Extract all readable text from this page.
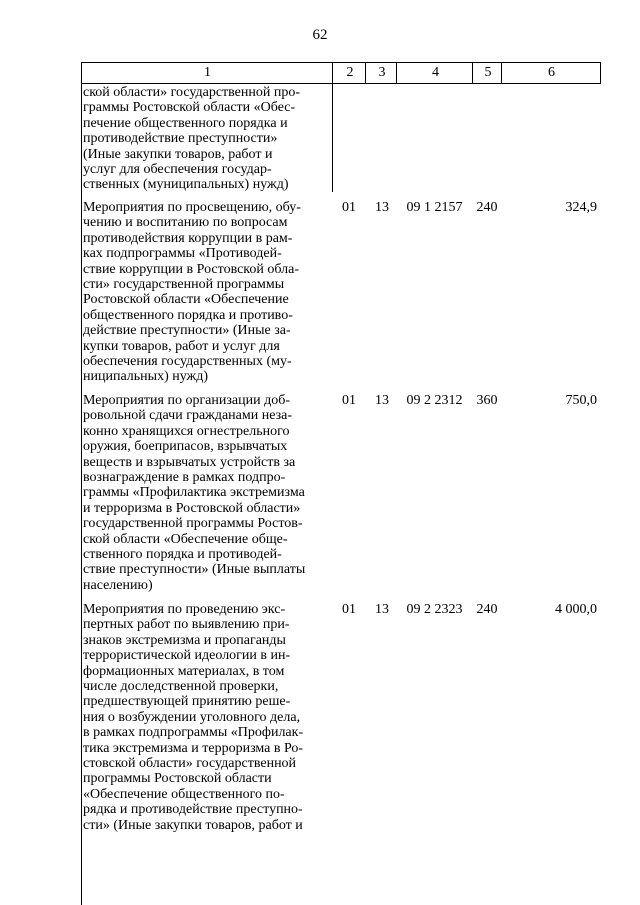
62
1	2	3	4	5	6
ской области» государственной про-
граммы Ростовской области «Обес-
печение общественного порядка и
противодействие преступности»
(Иные закупки товаров, работ и
услуг для обеспечения государ-
ственных (муниципальных) нужд)
Мероприятия по просвещению, обу-
чению и воспитанию по вопросам
противодействия коррупции в рам-
ках подпрограммы «Противодей-
ствие коррупции в Ростовской обла-
сти» государственной программы
Ростовской области «Обеспечение
общественного порядка и противо-
действие преступности» (Иные за-
купки товаров, работ и услуг для
обеспечения государственных (му-
ниципальных) нужд)
01	13	09 1 2157	240	324,9
Мероприятия по организации доб-
ровольной сдачи гражданами неза-
конно хранящихся огнестрельного
оружия, боеприпасов, взрывчатых
веществ и взрывчатых устройств за
вознаграждение в рамках подпро-
граммы «Профилактика экстремизма
и терроризма в Ростовской области»
государственной программы Ростов-
ской области «Обеспечение обще-
ственного порядка и противодей-
ствие преступности» (Иные выплаты
населению)
01	13	09 2 2312	360	750,0
Мероприятия по проведению экс-
пертных работ по выявлению при-
знаков экстремизма и пропаганды
террористической идеологии в ин-
формационных материалах, в том
числе доследственной проверки,
предшествующей принятию реше-
ния о возбуждении уголовного дела,
в рамках подпрограммы «Профилак-
тика экстремизма и терроризма в Ро-
стовской области» государственной
программы Ростовской области
«Обеспечение общественного по-
рядка и противодействие преступно-
сти» (Иные закупки товаров, работ и
01	13	09 2 2323	240	4 000,0
